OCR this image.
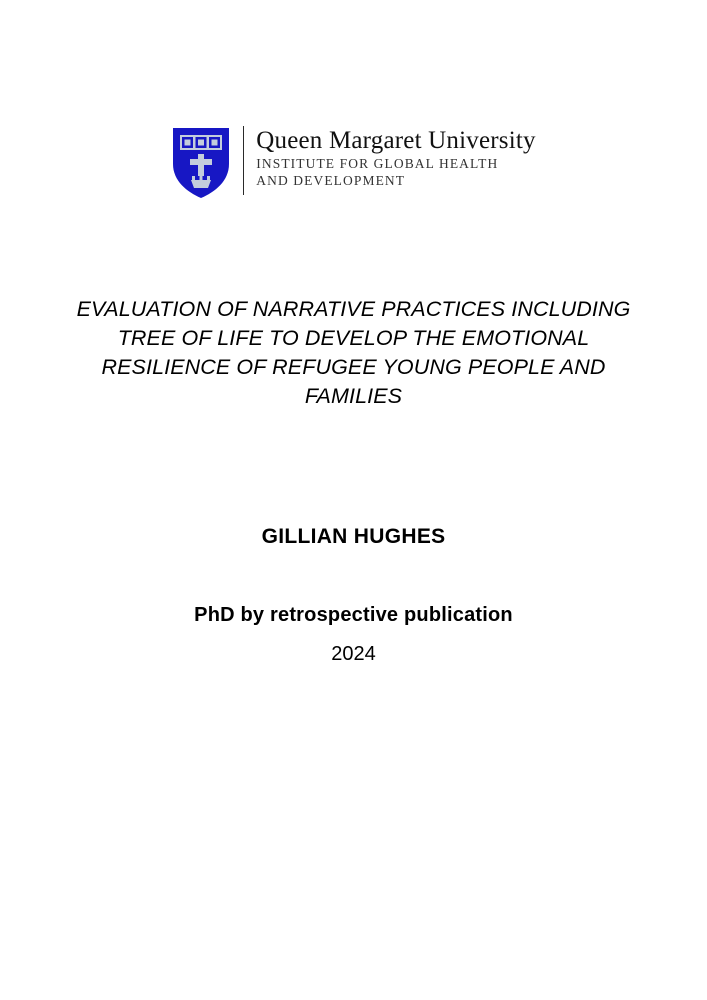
Queen Margaret University
INSTITUTE FOR GLOBAL HEALTH
AND DEVELOPMENT
EVALUATION OF NARRATIVE PRACTICES INCLUDING TREE OF LIFE TO DEVELOP THE EMOTIONAL RESILIENCE OF REFUGEE YOUNG PEOPLE AND FAMILIES
GILLIAN HUGHES
PhD by retrospective publication
2024
